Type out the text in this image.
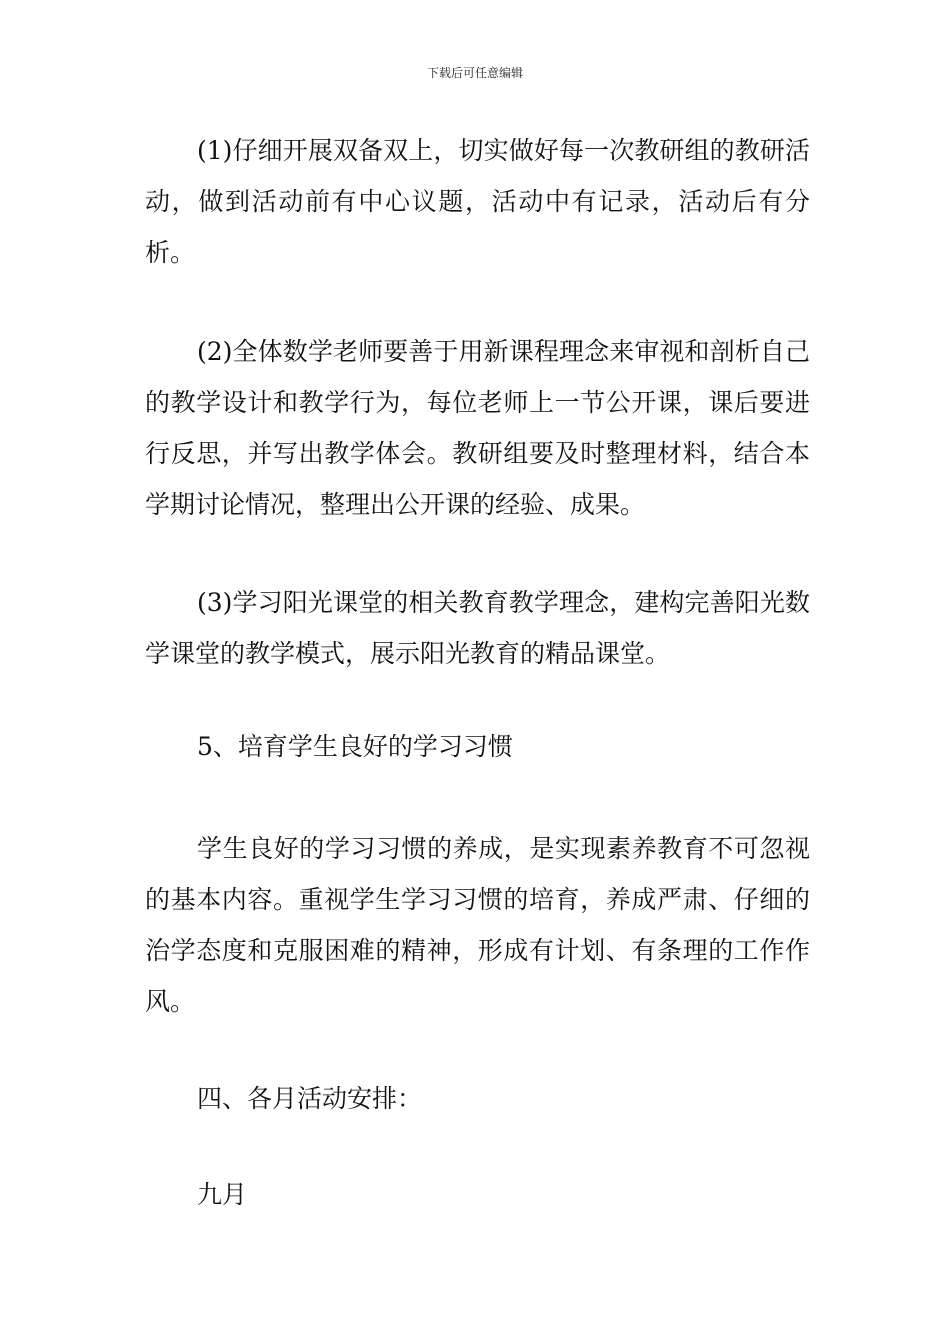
下载后可任意编辑

(1)仔细开展双备双上，切实做好每一次教研组的教研活动，做到活动前有中心议题，活动中有记录，活动后有分析。

(2)全体数学老师要善于用新课程理念来审视和剖析自己的教学设计和教学行为，每位老师上一节公开课，课后要进行反思，并写出教学体会。教研组要及时整理材料，结合本学期讨论情况，整理出公开课的经验、成果。

(3)学习阳光课堂的相关教育教学理念，建构完善阳光数学课堂的教学模式，展示阳光教育的精品课堂。

5、培育学生良好的学习习惯

学生良好的学习习惯的养成，是实现素养教育不可忽视的基本内容。重视学生学习习惯的培育，养成严肃、仔细的治学态度和克服困难的精神，形成有计划、有条理的工作作风。

四、各月活动安排：

九月
